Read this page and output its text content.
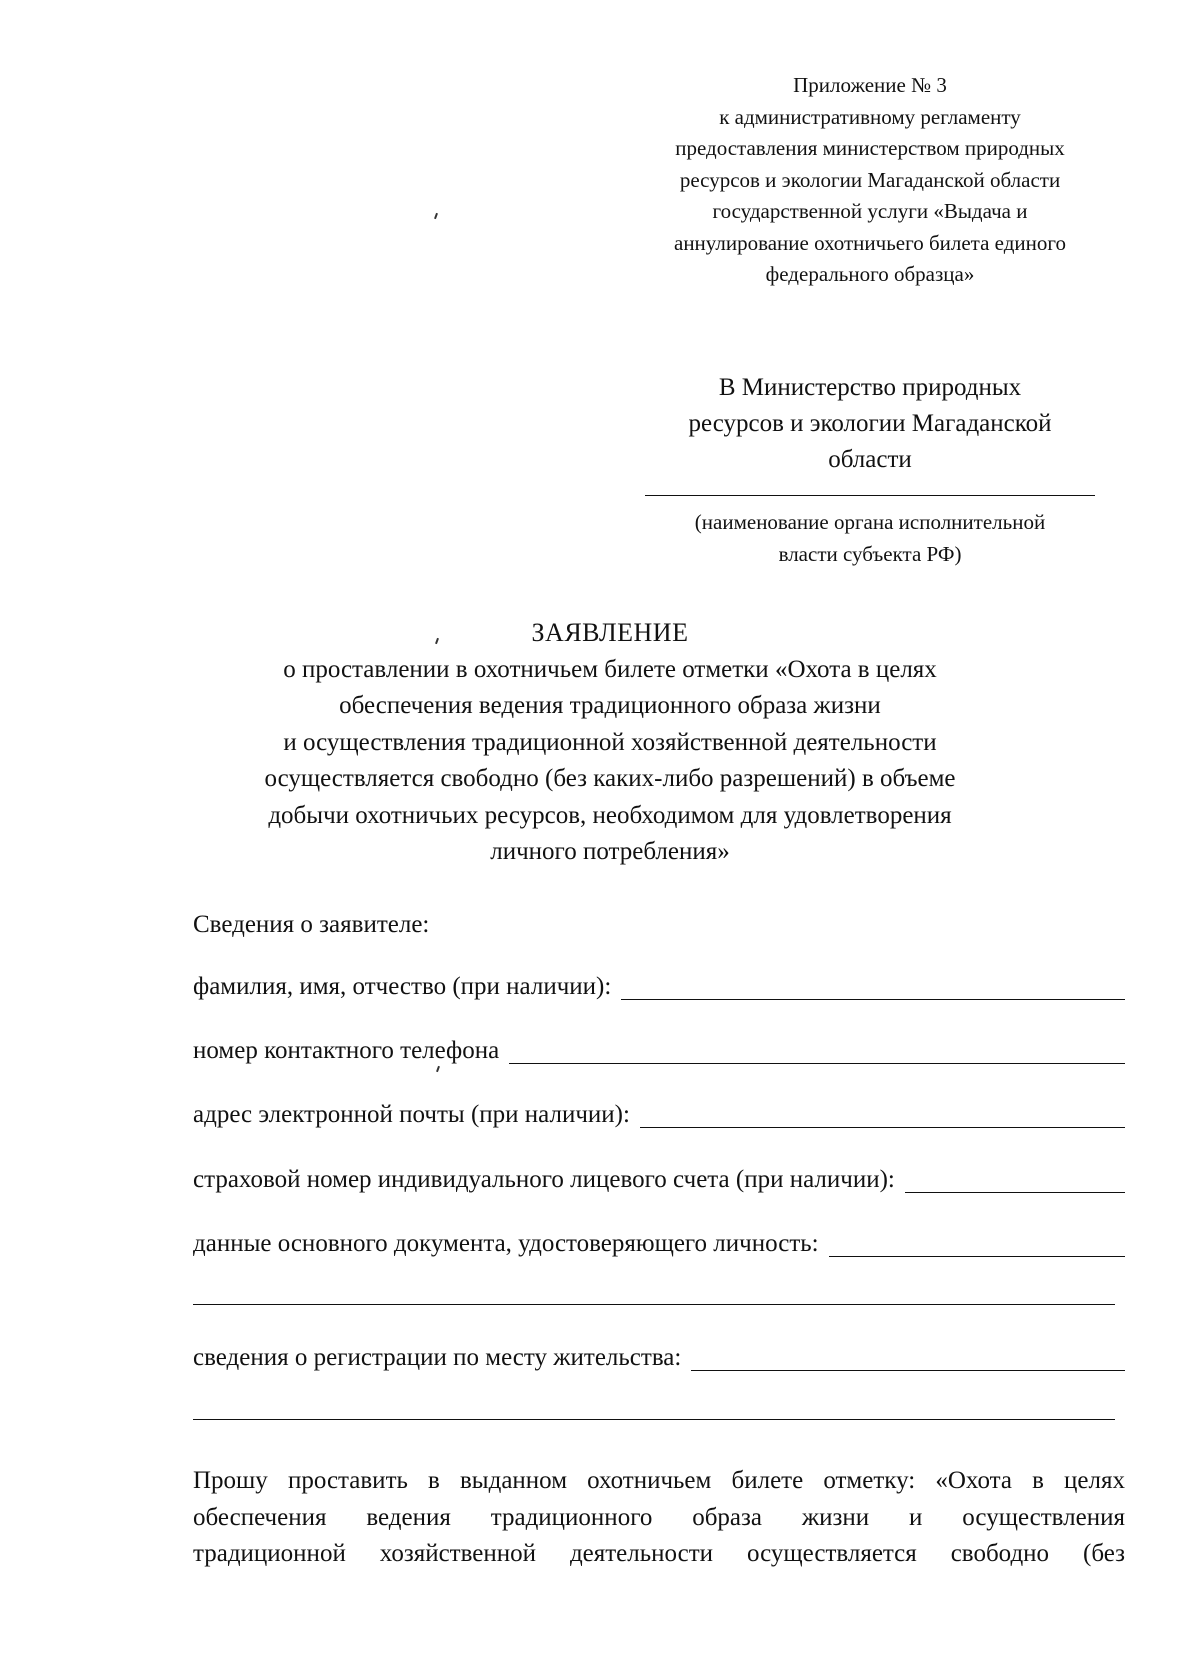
Приложение № 3
к административному регламенту
предоставления министерством природных
ресурсов и экологии Магаданской области
государственной услуги «Выдача и
аннулирование охотничьего билета единого
федерального образца»
В Министерство природных
ресурсов и экологии Магаданской
области
(наименование органа исполнительной
власти субъекта РФ)
ЗАЯВЛЕНИЕ
о проставлении в охотничьем билете отметки «Охота в целях
обеспечения ведения традиционного образа жизни
и осуществления традиционной хозяйственной деятельности
осуществляется свободно (без каких-либо разрешений) в объеме
добычи охотничьих ресурсов, необходимом для удовлетворения
личного потребления»
Сведения о заявителе:
фамилия, имя, отчество (при наличии):
номер контактного телефона
адрес электронной почты (при наличии):
страховой номер индивидуального лицевого счета (при наличии):
данные основного документа, удостоверяющего личность:
сведения о регистрации по месту жительства:
Прошу проставить в выданном охотничьем билете отметку: «Охота в целях
обеспечения ведения традиционного образа жизни и осуществления
традиционной хозяйственной деятельности осуществляется свободно (без
